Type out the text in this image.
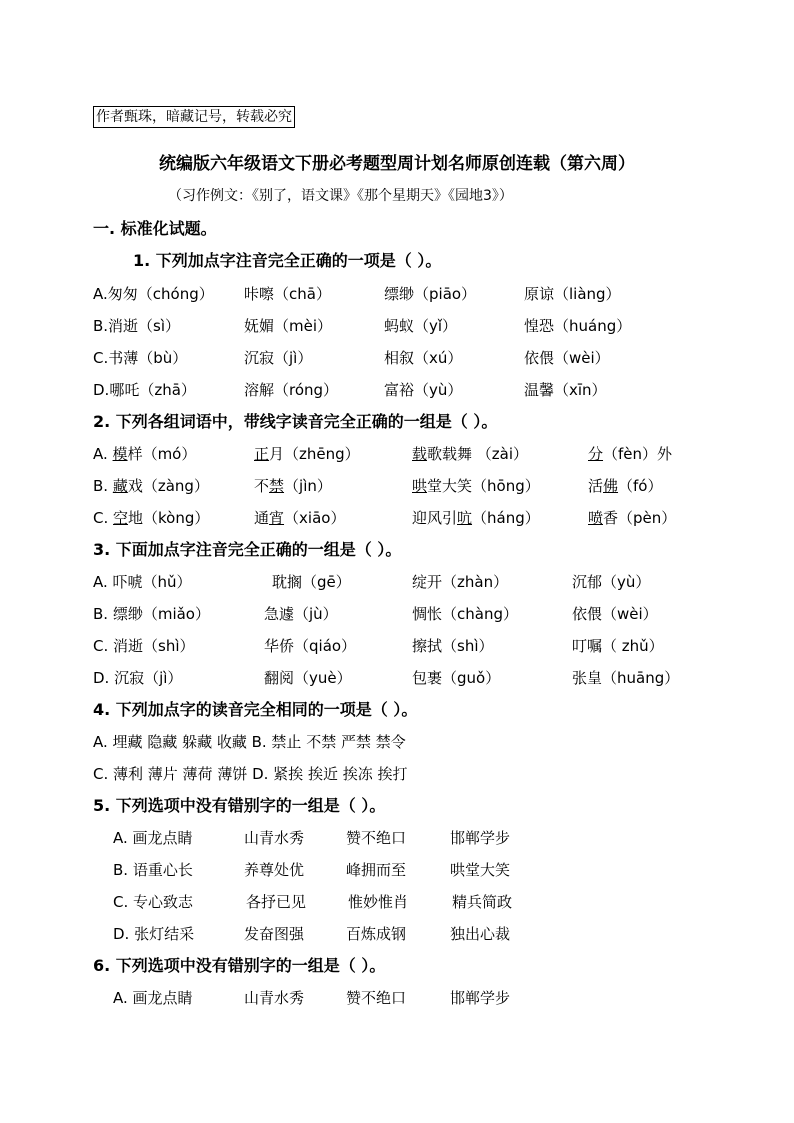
作者甄珠，暗藏记号，转载必究
统编版六年级语文下册必考题型周计划名师原创连载（第六周）
（习作例文：《别了，语文课》《那个星期天》《园地3》）
一. 标准化试题。
1. 下列加点字注音完全正确的一项是（ ）。
A.匆匆（chóng） 咔嚓（chā）	缥缈（piāo）	原谅（liàng）
B.消逝（sì）	妩媚（mèi）	蚂蚁（yǐ）	惶恐（huáng）
C.书薄（bù）	沉寂（jì）	相叙（xú）	依偎（wèi）
D.哪吒（zhā）	溶解（róng）	富裕（yù）	温馨（xīn）
2. 下列各组词语中，带线字读音完全正确的一组是（ ）。
A. 模样（mó）	正月（zhēng）	载歌载舞 （zài）	分（fèn）外
B. 藏戏（zàng）	不禁（jìn）	哄堂大笑（hōng）	活佛（fó）
C. 空地（kòng）	通宵（xiāo）	迎风引吭（háng）	喷香（pèn）
3. 下面加点字注音完全正确的一组是（ ）。
A. 吓唬（hǔ）	耽搁（gē）	绽开（zhàn）	沉郁（yù）
B. 缥缈（miǎo）	急遽（jù）	惆怅（chàng）	依偎（wèi）
C. 消逝（shì）	华侨（qiáo）	擦拭（shì）	叮嘱（ zhǔ）
D. 沉寂（jì）	翻阅（yuè）	包裹（guǒ）	张皇（huāng）
4. 下列加点字的读音完全相同的一项是（ ）。
A. 埋藏 隐藏 躲藏 收藏 B. 禁止 不禁 严禁 禁令
C. 薄利 薄片 薄荷 薄饼 D. 紧挨 挨近 挨冻 挨打
5. 下列选项中没有错别字的一组是（ ）。
A. 画龙点睛	山青水秀	赞不绝口	邯郸学步
B. 语重心长	养尊处优	峰拥而至	哄堂大笑
C. 专心致志	各抒已见	惟妙惟肖	精兵简政
D. 张灯结采	发奋图强	百炼成钢	独出心裁
6. 下列选项中没有错别字的一组是（ ）。
A. 画龙点睛	山青水秀	赞不绝口	邯郸学步
